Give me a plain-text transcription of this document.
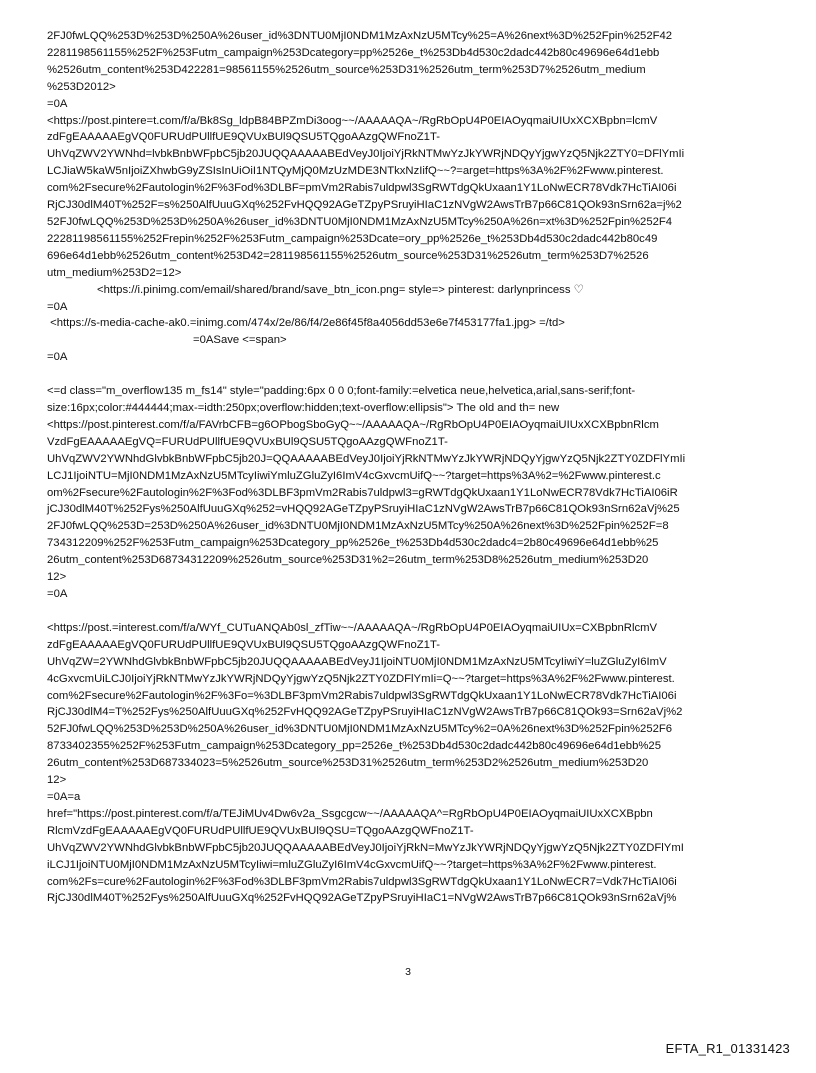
2FJ0fwLQQ%253D%253D%250A%26user_id%3DNTU0MjI0NDM1MzAxNzU5MTcy%25=A%26next%3D%252Fpin%252F42
2281198561155%252F%253Futm_campaign%253Dcategory=pp%2526e_t%253Db4d530c2dadc442b80c49696e64d1ebb
%2526utm_content%253D422281=98561155%2526utm_source%253D31%2526utm_term%253D7%2526utm_medium
%253D2012>
=0A
<https://post.pintere=t.com/f/a/Bk8Sg_ldpB84BPZmDi3oog~~/AAAAAQA~/RgRbOpU4P0EIAOyqmaiUIUxXCXBpbn=lcmV
zdFgEAAAAAEgVQ0FURUdPUllfUE9QVUxBUl9QSU5TQgoAAzgQWFnoZ1T-
UhVqZWV2YWNhd=lvbkBnbWFpbC5jb20JUQQAAAAABEdVeyJ0IjoiYjRkNTMwYzJkYWRjNDQyYjgwYzQ5Njk2ZTY0=DFlYmIi
LCJiaW5kaW5nIjoiZXhwbG9yZSIsInUiOiI1NTQyMjQ0MzUzMDE3NTkxNzIifQ~~?=arget=https%3A%2F%2Fwww.pinterest.
com%2Fsecure%2Fautologin%2F%3Fod%3DLBF=pmVm2Rabis7uldpwl3SgRWTdgQkUxaan1Y1LoNwECR78Vdk7HcTiAI06i
RjCJ30dlM40T%252F=s%250AlfUuuGXq%252FvHQQ92AGeTZpyPSruyiHIaC1zNVgW2AwsTrB7p66C81QOk93nSrn62a=j%2
52FJ0fwLQQ%253D%253D%250A%26user_id%3DNTU0MjI0NDM1MzAxNzU5MTcy%250A%26n=xt%3D%252Fpin%252F4
22281198561155%252Frepin%252F%253Futm_campaign%253Dcate=ory_pp%2526e_t%253Db4d530c2dadc442b80c49
696e64d1ebb%2526utm_content%253D42=281198561155%2526utm_source%253D31%2526utm_term%253D7%2526
utm_medium%253D2=12>

<https://i.pinimg.com/email/shared/brand/save_btn_icon.png= style=> pinterest: darlynprincess ♡

=0A

<https://s-media-cache-ak0.=inimg.com/474x/2e/86/f4/2e86f45f8a4056dd53e6e7f453177fa1.jpg> =/td>

=0ASave <=span>

=0A

<=d class="m_overflow135 m_fs14" style="padding:6px 0 0 0;font-family:=elvetica neue,helvetica,arial,sans-serif;font-
size:16px;color:#444444;max-=idth:250px;overflow:hidden;text-overflow:ellipsis"> The old and th= new
<https://post.pinterest.com/f/a/FAVrbCFB=g6OPbogSboGyQ~~/AAAAAQA~/RgRbOpU4P0EIAOyqmaiUIUxXCXBpbnRlcm
VzdFgEAAAAAEgVQ=FURUdPUllfUE9QVUxBUl9QSU5TQgoAAzgQWFnoZ1T-
UhVqZWV2YWNhdGlvbkBnbWFpbC5jb20J=QQAAAAABEdVeyJ0IjoiYjRkNTMwYzJkYWRjNDQyYjgwYzQ5Njk2ZTY0ZDFlYmIi
LCJ1IjoiNTU=MjI0NDM1MzAxNzU5MTcyIiwiYmluZGluZyI6ImV4cGxvcmUifQ~~?target=https%3A%2=%2Fwww.pinterest.c
om%2Fsecure%2Fautologin%2F%3Fod%3DLBF3pmVm2Rabis7uldpwl3=gRWTdgQkUxaan1Y1LoNwECR78Vdk7HcTiAI06iR
jCJ30dlM40T%252Fys%250AlfUuuGXq%252=vHQQ92AGeTZpyPSruyiHIaC1zNVgW2AwsTrB7p66C81QOk93nSrn62aVj%25
2FJ0fwLQQ%253D=253D%250A%26user_id%3DNTU0MjI0NDM1MzAxNzU5MTcy%250A%26next%3D%252Fpin%252F=8
734312209%252F%253Futm_campaign%253Dcategory_pp%2526e_t%253Db4d530c2dadc4=2b80c49696e64d1ebb%25
26utm_content%253D68734312209%2526utm_source%253D31%2=26utm_term%253D8%2526utm_medium%253D20
12>
=0A

<https://post.=interest.com/f/a/WYf_CUTuANQAb0sl_zfTiw~~/AAAAAQA~/RgRbOpU4P0EIAOyqmaiUIUx=CXBpbnRlcmV
zdFgEAAAAAEgVQ0FURUdPUllfUE9QVUxBUl9QSU5TQgoAAzgQWFnoZ1T-
UhVqZW=2YWNhdGlvbkBnbWFpbC5jb20JUQQAAAAABEdVeyJ1IjoiNTU0MjI0NDM1MzAxNzU5MTcyIiwiY=luZGluZyI6ImV
4cGxvcmUiLCJ0IjoiYjRkNTMwYzJkYWRjNDQyYjgwYzQ5Njk2ZTY0ZDFlYmIi=Q~~?target=https%3A%2F%2Fwww.pinterest.
com%2Fsecure%2Fautologin%2F%3Fo=%3DLBF3pmVm2Rabis7uldpwl3SgRWTdgQkUxaan1Y1LoNwECR78Vdk7HcTiAI06i
RjCJ30dlM4=T%252Fys%250AlfUuuGXq%252FvHQQ92AGeTZpyPSruyiHIaC1zNVgW2AwsTrB7p66C81QOk93=Srn62aVj%2
52FJ0fwLQQ%253D%253D%250A%26user_id%3DNTU0MjI0NDM1MzAxNzU5MTcy%2=0A%26next%3D%252Fpin%252F6
8733402355%252F%253Futm_campaign%253Dcategory_pp=2526e_t%253Db4d530c2dadc442b80c49696e64d1ebb%25
26utm_content%253D687334023=5%2526utm_source%253D31%2526utm_term%253D2%2526utm_medium%253D20
12>
=0A=a
href="https://post.pinterest.com/f/a/TEJiMUv4Dw6v2a_Ssgcgcw~~/AAAAAQA^=RgRbOpU4P0EIAOyqmaiUIUxXCXBpbn
RlcmVzdFgEAAAAAEgVQ0FURUdPUllfUE9QVUxBUl9QSU=TQgoAAzgQWFnoZ1T-
UhVqZWV2YWNhdGlvbkBnbWFpbC5jb20JUQQAAAAABEdVeyJ0IjoiYjRkN=MwYzJkYWRjNDQyYjgwYzQ5Njk2ZTY0ZDFlYmI
iLCJ1IjoiNTU0MjI0NDM1MzAxNzU5MTcyIiwi=mluZGluZyI6ImV4cGxvcmUifQ~~?target=https%3A%2F%2Fwww.pinterest.
com%2Fs=cure%2Fautologin%2F%3Fod%3DLBF3pmVm2Rabis7uldpwl3SgRWTdgQkUxaan1Y1LoNwECR7=Vdk7HcTiAI06i
RjCJ30dlM40T%252Fys%250AlfUuuGXq%252FvHQQ92AGeTZpyPSruyiHIaC1=NVgW2AwsTrB7p66C81QOk93nSrn62aVj%

3
EFTA_R1_01331423
